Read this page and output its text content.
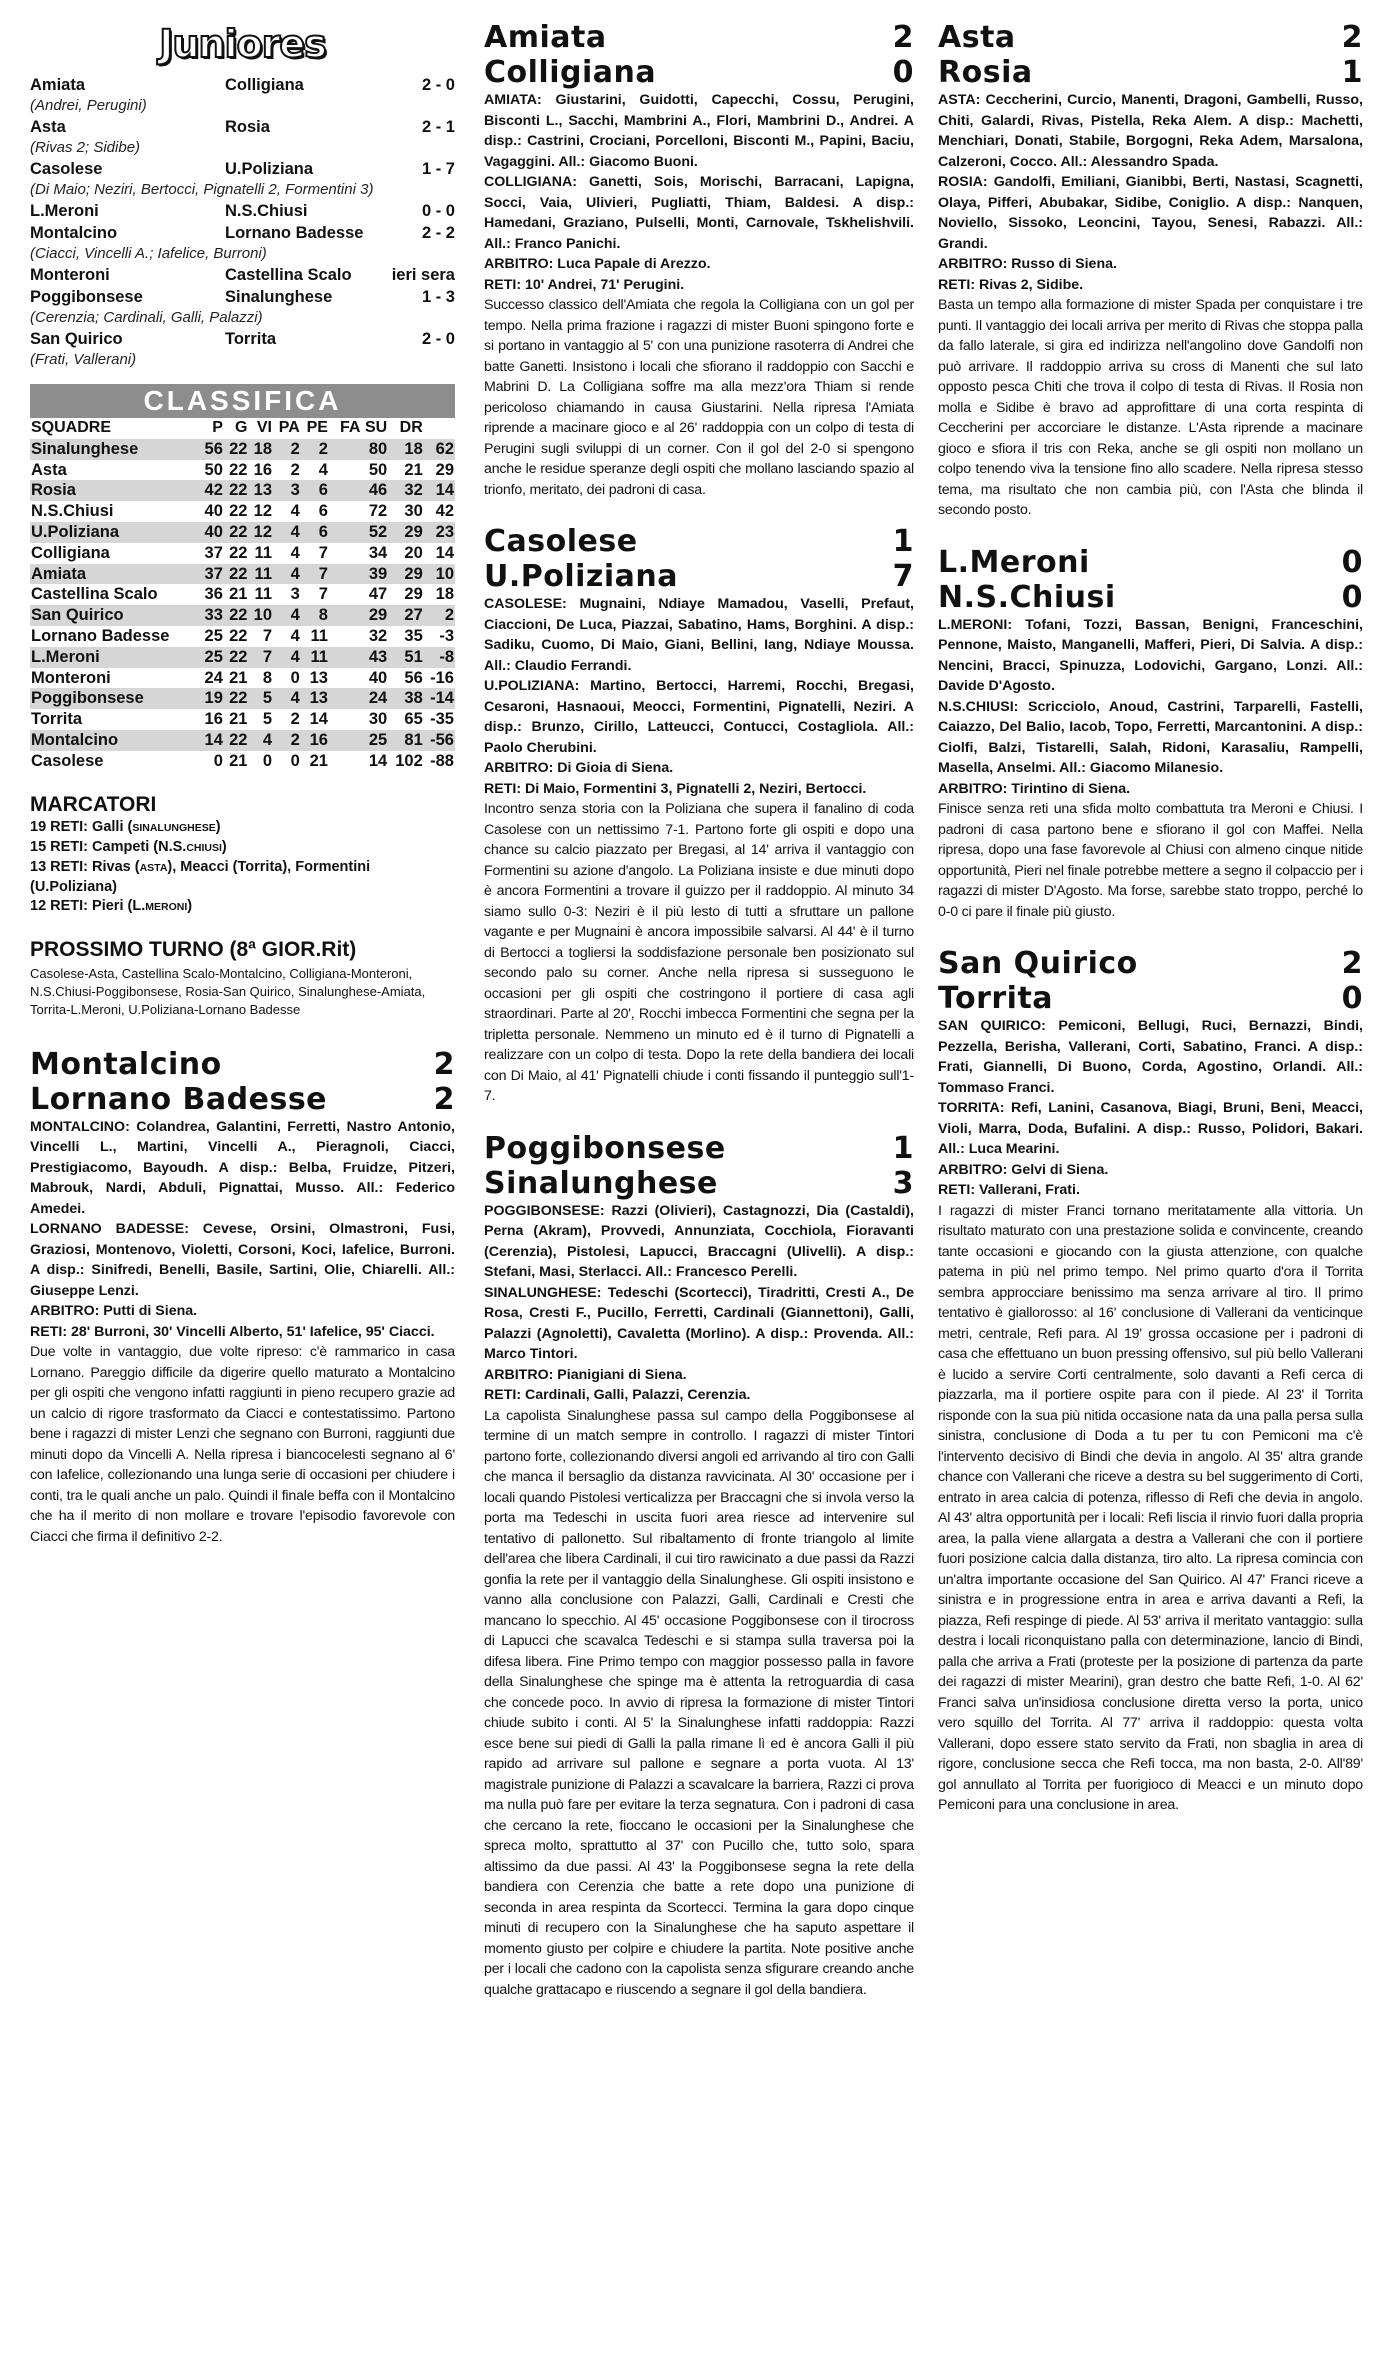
Juniores
Amiata	Colligiana	2 - 0
(Andrei, Perugini)
Asta	Rosia	2 - 1
(Rivas 2; Sidibe)
Casolese	U.Poliziana	1 - 7
(Di Maio; Neziri, Bertocci, Pignatelli 2, Formentini 3)
L.Meroni	N.S.Chiusi	0 - 0
Montalcino	Lornano Badesse	2 - 2
(Ciacci, Vincelli A.; Iafelice, Burroni)
Monteroni	Castellina Scalo	ieri sera
Poggibonsese	Sinalunghese	1 - 3
(Cerenzia; Cardinali, Galli, Palazzi)
San Quirico	Torrita	2 - 0
(Frati, Vallerani)
CLASSIFICA
SQUADRE	P	G	VI	PA	PE	FA SU	DR	
Sinalunghese	56	22	18	2	2	80	18	62
Asta	50	22	16	2	4	50	21	29
Rosia	42	22	13	3	6	46	32	14
N.S.Chiusi	40	22	12	4	6	72	30	42
U.Poliziana	40	22	12	4	6	52	29	23
Colligiana	37	22	11	4	7	34	20	14
Amiata	37	22	11	4	7	39	29	10
Castellina Scalo	36	21	11	3	7	47	29	18
San Quirico	33	22	10	4	8	29	27	2
Lornano Badesse	25	22	7	4	11	32	35	-3
L.Meroni	25	22	7	4	11	43	51	-8
Monteroni	24	21	8	0	13	40	56	-16
Poggibonsese	19	22	5	4	13	24	38	-14
Torrita	16	21	5	2	14	30	65	-35
Montalcino	14	22	4	2	16	25	81	-56
Casolese	0	21	0	0	21	14	102	-88
MARCATORI
19 RETI: Galli (SINALUNGHESE)
15 RETI: Campeti (N.S.CHIUSI)
13 RETI: Rivas (ASTA), Meacci (Torrita), Formentini (U.Poliziana)
12 RETI: Pieri (L.MERONI)
PROSSIMO TURNO (8ª GIOR.Rit)
Casolese-Asta, Castellina Scalo-Montalcino, Colligiana-Monteroni, N.S.Chiusi-Poggibonsese, Rosia-San Quirico, Sinalunghese-Amiata, Torrita-L.Meroni, U.Poliziana-Lornano Badesse
Montalcino	2
Lornano Badesse	2

MONTALCINO: Colandrea, Galantini, Ferretti, Nastro Antonio, Vincelli L., Martini, Vincelli A., Pieragnoli, Ciacci, Prestigiacomo, Bayoudh. A disp.: Belba, Fruidze, Pitzeri, Mabrouk, Nardi, Abduli, Pignattai, Musso. All.: Federico Amedei.

LORNANO BADESSE: Cevese, Orsini, Olmastroni, Fusi, Graziosi, Montenovo, Violetti, Corsoni, Koci, Iafelice, Burroni. A disp.: Sinifredi, Benelli, Basile, Sartini, Olie, Chiarelli. All.: Giuseppe Lenzi.

ARBITRO: Putti di Siena.

RETI: 28' Burroni, 30' Vincelli Alberto, 51' Iafelice, 95' Ciacci.

Due volte in vantaggio, due volte ripreso: c'è rammarico in casa Lornano. Pareggio difficile da digerire quello maturato a Montalcino per gli ospiti che vengono infatti raggiunti in pieno recupero grazie ad un calcio di rigore trasformato da Ciacci e contestatissimo. Partono bene i ragazzi di mister Lenzi che segnano con Burroni, raggiunti due minuti dopo da Vincelli A. Nella ripresa i biancocelesti segnano al 6' con Iafelice, collezionando una lunga serie di occasioni per chiudere i conti, tra le quali anche un palo. Quindi il finale beffa con il Montalcino che ha il merito di non mollare e trovare l'episodio favorevole con Ciacci che firma il definitivo 2-2.

Amiata	2
Colligiana	0

AMIATA: Giustarini, Guidotti, Capecchi, Cossu, Perugini, Bisconti L., Sacchi, Mambrini A., Flori, Mambrini D., Andrei. A disp.: Castrini, Crociani, Porcelloni, Bisconti M., Papini, Baciu, Vagaggini. All.: Giacomo Buoni.

COLLIGIANA: Ganetti, Sois, Morischi, Barracani, Lapigna, Socci, Vaia, Ulivieri, Pugliatti, Thiam, Baldesi. A disp.: Hamedani, Graziano, Pulselli, Monti, Carnovale, Tskhelishvili. All.: Franco Panichi.

ARBITRO: Luca Papale di Arezzo.

RETI: 10' Andrei, 71' Perugini.

Successo classico dell'Amiata che regola la Colligiana con un gol per tempo. Nella prima frazione i ragazzi di mister Buoni spingono forte e si portano in vantaggio al 5' con una punizione rasoterra di Andrei che batte Ganetti. Insistono i locali che sfiorano il raddoppio con Sacchi e Mabrini D. La Colligiana soffre ma alla mezz'ora Thiam si rende pericoloso chiamando in causa Giustarini. Nella ripresa l'Amiata riprende a macinare gioco e al 26' raddoppia con un colpo di testa di Perugini sugli sviluppi di un corner. Con il gol del 2-0 si spengono anche le residue speranze degli ospiti che mollano lasciando spazio al trionfo, meritato, dei padroni di casa.

Casolese	1
U.Poliziana	7

CASOLESE: Mugnaini, Ndiaye Mamadou, Vaselli, Prefaut, Ciaccioni, De Luca, Piazzai, Sabatino, Hams, Borghini. A disp.: Sadiku, Cuomo, Di Maio, Giani, Bellini, Iang, Ndiaye Moussa. All.: Claudio Ferrandi.

U.POLIZIANA: Martino, Bertocci, Harremi, Rocchi, Bregasi, Cesaroni, Hasnaoui, Meocci, Formentini, Pignatelli, Neziri. A disp.: Brunzo, Cirillo, Latteucci, Contucci, Costagliola. All.: Paolo Cherubini.

ARBITRO: Di Gioia di Siena.

RETI: Di Maio, Formentini 3, Pignatelli 2, Neziri, Bertocci.

Incontro senza storia con la Poliziana che supera il fanalino di coda Casolese con un nettissimo 7-1. Partono forte gli ospiti e dopo una chance su calcio piazzato per Bregasi, al 14' arriva il vantaggio con Formentini su azione d'angolo. La Poliziana insiste e due minuti dopo è ancora Formentini a trovare il guizzo per il raddoppio. Al minuto 34 siamo sullo 0-3: Neziri è il più lesto di tutti a sfruttare un pallone vagante e per Mugnaini è ancora impossibile salvarsi. Al 44' è il turno di Bertocci a togliersi la soddisfazione personale ben posizionato sul secondo palo su corner. Anche nella ripresa si susseguono le occasioni per gli ospiti che costringono il portiere di casa agli straordinari. Parte al 20', Rocchi imbecca Formentini che segna per la tripletta personale. Nemmeno un minuto ed è il turno di Pignatelli a realizzare con un colpo di testa. Dopo la rete della bandiera dei locali con Di Maio, al 41' Pignatelli chiude i conti fissando il punteggio sull'1-7.

Poggibonsese	1
Sinalunghese	3

POGGIBONSESE: Razzi (Olivieri), Castagnozzi, Dia (Castaldi), Perna (Akram), Provvedi, Annunziata, Cocchiola, Fioravanti (Cerenzia), Pistolesi, Lapucci, Braccagni (Ulivelli). A disp.: Stefani, Masi, Sterlacci. All.: Francesco Perelli.

SINALUNGHESE: Tedeschi (Scortecci), Tiradritti, Cresti A., De Rosa, Cresti F., Pucillo, Ferretti, Cardinali (Giannettoni), Galli, Palazzi (Agnoletti), Cavaletta (Morlino). A disp.: Provenda. All.: Marco Tintori.

ARBITRO: Pianigiani di Siena.

RETI: Cardinali, Galli, Palazzi, Cerenzia.

La capolista Sinalunghese passa sul campo della Poggibonsese al termine di un match sempre in controllo. I ragazzi di mister Tintori partono forte, collezionando diversi angoli ed arrivando al tiro con Galli che manca il bersaglio da distanza ravvicinata. Al 30' occasione per i locali quando Pistolesi verticalizza per Braccagni che si invola verso la porta ma Tedeschi in uscita fuori area riesce ad intervenire sul tentativo di pallonetto. Sul ribaltamento di fronte triangolo al limite dell'area che libera Cardinali, il cui tiro rawicinato a due passi da Razzi gonfia la rete per il vantaggio della Sinalunghese. Gli ospiti insistono e vanno alla conclusione con Palazzi, Galli, Cardinali e Cresti che mancano lo specchio. Al 45' occasione Poggibonsese con il tirocross di Lapucci che scavalca Tedeschi e si stampa sulla traversa poi la difesa libera. Fine Primo tempo con maggior possesso palla in favore della Sinalunghese che spinge ma è attenta la retroguardia di casa che concede poco. In avvio di ripresa la formazione di mister Tintori chiude subito i conti. Al 5' la Sinalunghese infatti raddoppia: Razzi esce bene sui piedi di Galli la palla rimane lì ed è ancora Galli il più rapido ad arrivare sul pallone e segnare a porta vuota. Al 13' magistrale punizione di Palazzi a scavalcare la barriera, Razzi ci prova ma nulla può fare per evitare la terza segnatura. Con i padroni di casa che cercano la rete, fioccano le occasioni per la Sinalunghese che spreca molto, sprattutto al 37' con Pucillo che, tutto solo, spara altissimo da due passi. Al 43' la Poggibonsese segna la rete della bandiera con Cerenzia che batte a rete dopo una punizione di seconda in area respinta da Scortecci. Termina la gara dopo cinque minuti di recupero con la Sinalunghese che ha saputo aspettare il momento giusto per colpire e chiudere la partita. Note positive anche per i locali che cadono con la capolista senza sfigurare creando anche qualche grattacapo e riuscendo a segnare il gol della bandiera.

Asta	2
Rosia	1

ASTA: Ceccherini, Curcio, Manenti, Dragoni, Gambelli, Russo, Chiti, Galardi, Rivas, Pistella, Reka Alem. A disp.: Machetti, Menchiari, Donati, Stabile, Borgogni, Reka Adem, Marsalona, Calzeroni, Cocco. All.: Alessandro Spada.

ROSIA: Gandolfi, Emiliani, Gianibbi, Berti, Nastasi, Scagnetti, Olaya, Pifferi, Abubakar, Sidibe, Coniglio. A disp.: Nanquen, Noviello, Sissoko, Leoncini, Tayou, Senesi, Rabazzi. All.: Grandi.

ARBITRO: Russo di Siena.

RETI: Rivas 2, Sidibe.

Basta un tempo alla formazione di mister Spada per conquistare i tre punti. Il vantaggio dei locali arriva per merito di Rivas che stoppa palla da fallo laterale, si gira ed indirizza nell'angolino dove Gandolfi non può arrivare. Il raddoppio arriva su cross di Manenti che sul lato opposto pesca Chiti che trova il colpo di testa di Rivas. Il Rosia non molla e Sidibe è bravo ad approfittare di una corta respinta di Ceccherini per accorciare le distanze. L'Asta riprende a macinare gioco e sfiora il tris con Reka, anche se gli ospiti non mollano un colpo tenendo viva la tensione fino allo scadere. Nella ripresa stesso tema, ma risultato che non cambia più, con l'Asta che blinda il secondo posto.

L.Meroni	0
N.S.Chiusi	0

L.MERONI: Tofani, Tozzi, Bassan, Benigni, Franceschini, Pennone, Maisto, Manganelli, Mafferi, Pieri, Di Salvia. A disp.: Nencini, Bracci, Spinuzza, Lodovichi, Gargano, Lonzi. All.: Davide D'Agosto.

N.S.CHIUSI: Scricciolo, Anoud, Castrini, Tarparelli, Fastelli, Caiazzo, Del Balio, Iacob, Topo, Ferretti, Marcantonini. A disp.: Ciolfi, Balzi, Tistarelli, Salah, Ridoni, Karasaliu, Rampelli, Masella, Anselmi. All.: Giacomo Milanesio.

ARBITRO: Tirintino di Siena.

Finisce senza reti una sfida molto combattuta tra Meroni e Chiusi. I padroni di casa partono bene e sfiorano il gol con Maffei. Nella ripresa, dopo una fase favorevole al Chiusi con almeno cinque nitide opportunità, Pieri nel finale potrebbe mettere a segno il colpaccio per i ragazzi di mister D'Agosto. Ma forse, sarebbe stato troppo, perché lo 0-0 ci pare il finale più giusto.

San Quirico	2
Torrita	0

SAN QUIRICO: Pemiconi, Bellugi, Ruci, Bernazzi, Bindi, Pezzella, Berisha, Vallerani, Corti, Sabatino, Franci. A disp.: Frati, Giannelli, Di Buono, Corda, Agostino, Orlandi. All.: Tommaso Franci.

TORRITA: Refi, Lanini, Casanova, Biagi, Bruni, Beni, Meacci, Violi, Marra, Doda, Bufalini. A disp.: Russo, Polidori, Bakari. All.: Luca Mearini.

ARBITRO: Gelvi di Siena.

RETI: Vallerani, Frati.

I ragazzi di mister Franci tornano meritatamente alla vittoria. Un risultato maturato con una prestazione solida e convincente, creando tante occasioni e giocando con la giusta attenzione, con qualche patema in più nel primo tempo. Nel primo quarto d'ora il Torrita sembra approcciare benissimo ma senza arrivare al tiro. Il primo tentativo è giallorosso: al 16' conclusione di Vallerani da venticinque metri, centrale, Refi para. Al 19' grossa occasione per i padroni di casa che effettuano un buon pressing offensivo, sul più bello Vallerani è lucido a servire Corti centralmente, solo davanti a Refi cerca di piazzarla, ma il portiere ospite para con il piede. Al 23' il Torrita risponde con la sua più nitida occasione nata da una palla persa sulla sinistra, conclusione di Doda a tu per tu con Pemiconi ma c'è l'intervento decisivo di Bindi che devia in angolo. Al 35' altra grande chance con Vallerani che riceve a destra su bel suggerimento di Corti, entrato in area calcia di potenza, riflesso di Refi che devia in angolo. Al 43' altra opportunità per i locali: Refi liscia il rinvio fuori dalla propria area, la palla viene allargata a destra a Vallerani che con il portiere fuori posizione calcia dalla distanza, tiro alto. La ripresa comincia con un'altra importante occasione del San Quirico. Al 47' Franci riceve a sinistra e in progressione entra in area e arriva davanti a Refi, la piazza, Refi respinge di piede. Al 53' arriva il meritato vantaggio: sulla destra i locali riconquistano palla con determinazione, lancio di Bindi, palla che arriva a Frati (proteste per la posizione di partenza da parte dei ragazzi di mister Mearini), gran destro che batte Refi, 1-0. Al 62' Franci salva un'insidiosa conclusione diretta verso la porta, unico vero squillo del Torrita. Al 77' arriva il raddoppio: questa volta Vallerani, dopo essere stato servito da Frati, non sbaglia in area di rigore, conclusione secca che Refi tocca, ma non basta, 2-0. All'89' gol annullato al Torrita per fuorigioco di Meacci e un minuto dopo Pemiconi para una conclusione in area.
